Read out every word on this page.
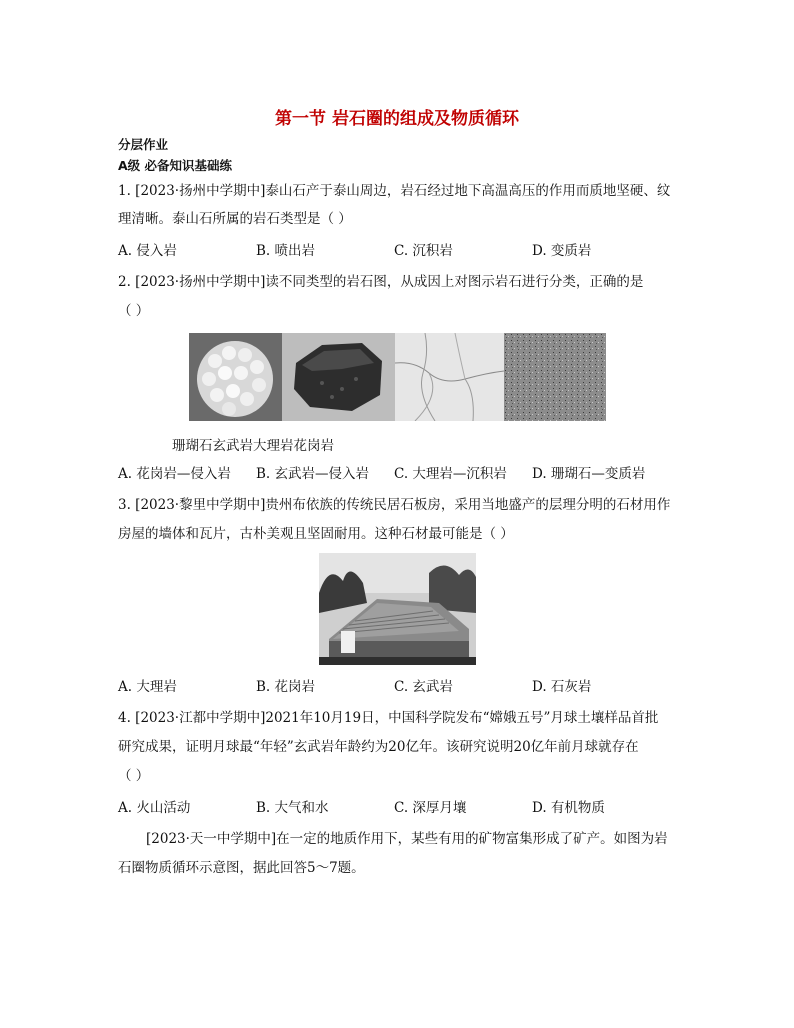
第一节 岩石圈的组成及物质循环
分层作业
A级 必备知识基础练
1. [2023·扬州中学期中]泰山石产于泰山周边，岩石经过地下高温高压的作用而质地坚硬、纹
理清晰。泰山石所属的岩石类型是（ ）
A. 侵入岩	B. 喷出岩	C. 沉积岩	D. 变质岩
2. [2023·扬州中学期中]读不同类型的岩石图，从成因上对图示岩石进行分类，正确的是
（ ）
珊瑚石玄武岩大理岩花岗岩
A. 花岗岩—侵入岩 B. 玄武岩—侵入岩 C. 大理岩—沉积岩 D. 珊瑚石—变质岩
3. [2023·黎里中学期中]贵州布依族的传统民居石板房，采用当地盛产的层理分明的石材用作
房屋的墙体和瓦片，古朴美观且坚固耐用。这种石材最可能是（ ）
A. 大理岩	B. 花岗岩	C. 玄武岩	D. 石灰岩
4. [2023·江都中学期中]2021年10月19日，中国科学院发布“嫦娥五号”月球土壤样品首批
研究成果，证明月球最“年轻”玄武岩年龄约为20亿年。该研究说明20亿年前月球就存在
（ ）
A. 火山活动	B. 大气和水	C. 深厚月壤	D. 有机物质
[2023·天一中学期中]在一定的地质作用下，某些有用的矿物富集形成了矿产。如图为岩
石圈物质循环示意图，据此回答5～7题。
